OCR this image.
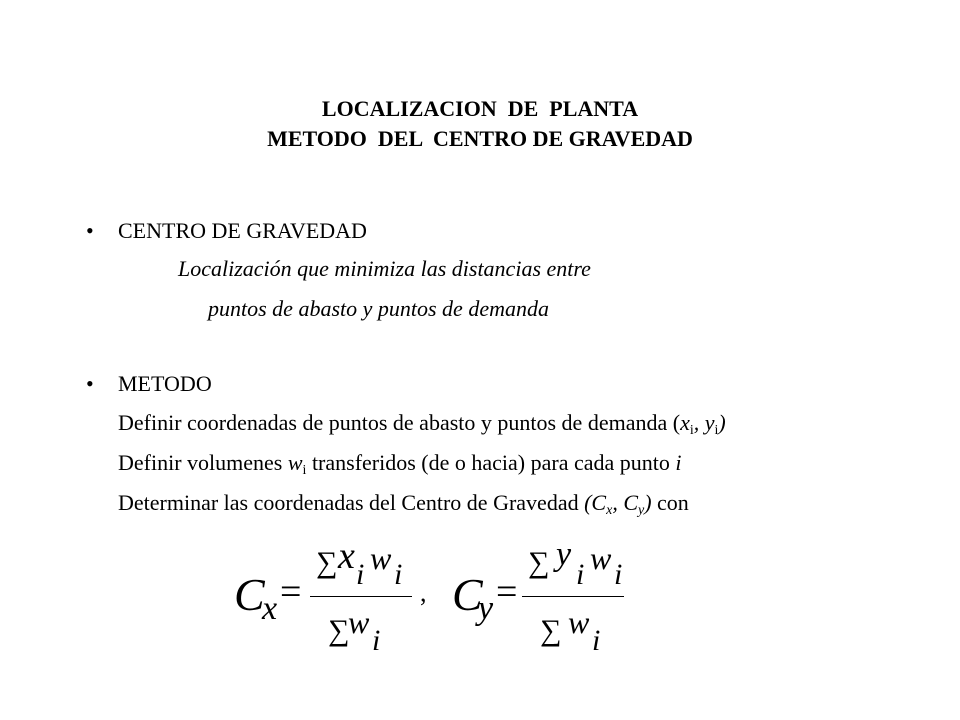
LOCALIZACION  DE  PLANTA
METODO  DEL  CENTRO DE GRAVEDAD
• CENTRO DE GRAVEDAD
Localización que minimiza las distancias entre
puntos de abasto y puntos de demanda
• METODO
Definir coordenadas de puntos de abasto y puntos de demanda ($x_i$, $y_i$)
Definir volumenes $w_i$ transferidos (de o hacia) para cada punto i
Determinar las coordenadas del Centro de Gravedad ($C_x$, $C_y$) con
C
x =
∑ x i w i
∑
w
i
, C
y =
∑ y
i w i
∑ w
i
